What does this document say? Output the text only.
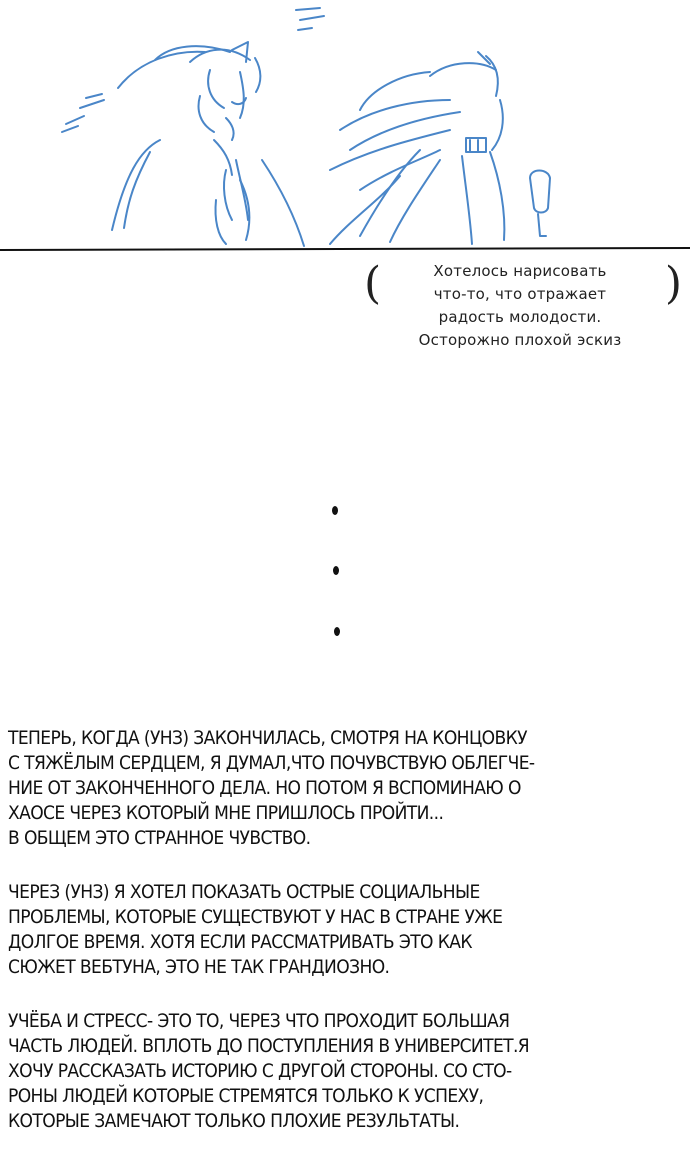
(	Хотелось нарисовать
что-то, что отражает
радость молодости.
Осторожно плохой эскиз
)
ТЕПЕРЬ, КОГДА (УНЗ) ЗАКОНЧИЛАСЬ, СМОТРЯ НА КОНЦОВКУ
С ТЯЖЁЛЫМ СЕРДЦЕМ, Я ДУМАЛ,ЧТО ПОЧУВСТВУЮ ОБЛЕГЧЕ-
НИЕ ОТ ЗАКОНЧЕННОГО ДЕЛА. НО ПОТОМ Я ВСПОМИНАЮ О
ХАОСЕ ЧЕРЕЗ КОТОРЫЙ МНЕ ПРИШЛОСЬ ПРОЙТИ...
В ОБЩЕМ ЭТО СТРАННОЕ ЧУВСТВО.
ЧЕРЕЗ (УНЗ) Я ХОТЕЛ ПОКАЗАТЬ ОСТРЫЕ СОЦИАЛЬНЫЕ
ПРОБЛЕМЫ, КОТОРЫЕ СУЩЕСТВУЮТ У НАС В СТРАНЕ УЖЕ
ДОЛГОЕ ВРЕМЯ. ХОТЯ ЕСЛИ РАССМАТРИВАТЬ ЭТО КАК
СЮЖЕТ ВЕБТУНА, ЭТО НЕ ТАК ГРАНДИОЗНО.
УЧЁБА И СТРЕСС- ЭТО ТО, ЧЕРЕЗ ЧТО ПРОХОДИТ БОЛЬШАЯ
ЧАСТЬ ЛЮДЕЙ. ВПЛОТЬ ДО ПОСТУПЛЕНИЯ В УНИВЕРСИТЕТ.Я
ХОЧУ РАССКАЗАТЬ ИСТОРИЮ С ДРУГОЙ СТОРОНЫ. СО СТО-
РОНЫ ЛЮДЕЙ КОТОРЫЕ СТРЕМЯТСЯ ТОЛЬКО К УСПЕХУ,
КОТОРЫЕ ЗАМЕЧАЮТ ТОЛЬКО ПЛОХИЕ РЕЗУЛЬТАТЫ.
